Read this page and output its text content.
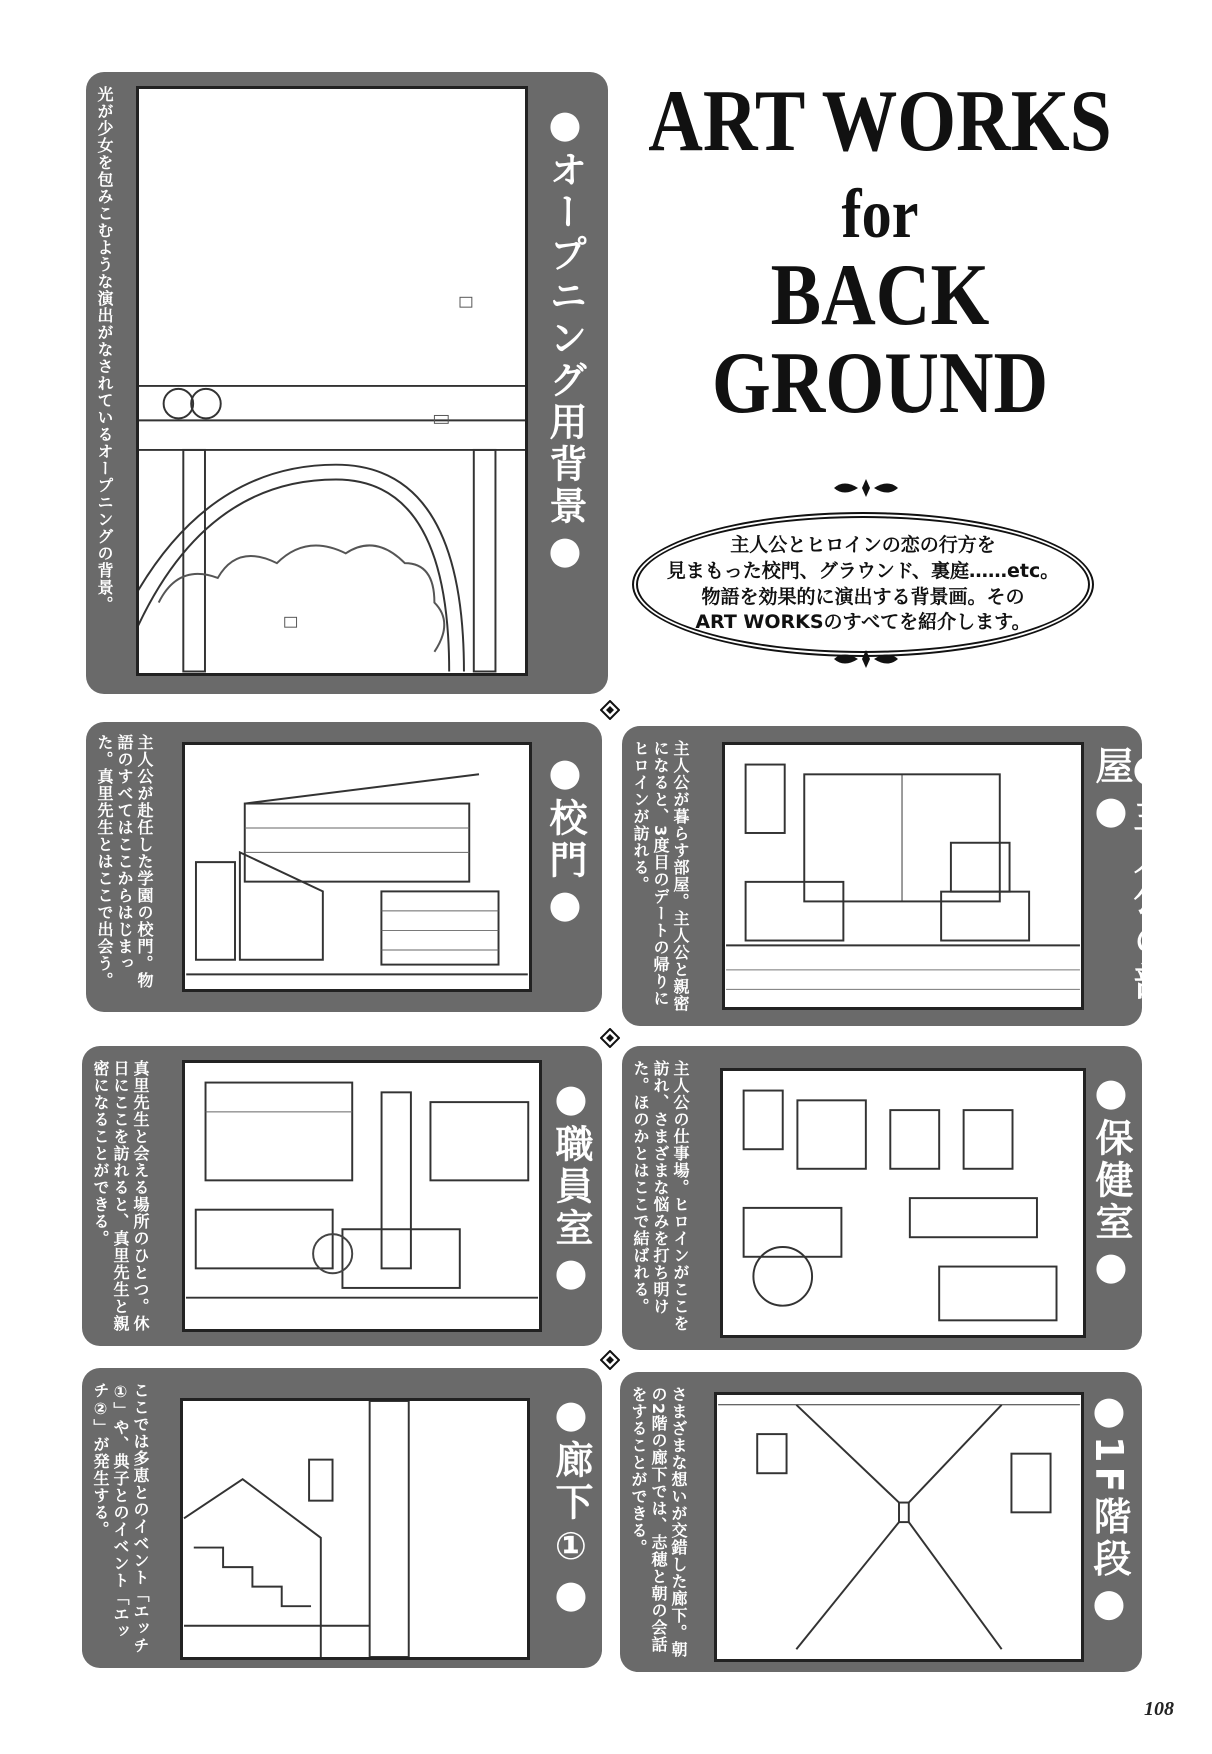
ART WORKS
for
BACK GROUND
主人公とヒロインの恋の行方を
見まもった校門、グラウンド、裏庭……etc。
物語を効果的に演出する背景画。その
ART WORKSのすべてを紹介します。
光が少女を包みこむような演出がなされているオープニングの背景。	●オープニング用背景●
主人公が赴任した学園の校門。物語のすべてはここからはじまった。真里先生とはここで出会う。	●校門●	●主人公の部屋●
主人公が暮らす部屋。主人公と親密になると、3度目のデートの帰りにヒロインが訪れる。
真里先生と会える場所のひとつ。休日にここを訪れると、真里先生と親密になることができる。	●職員室●	●保健室●
主人公の仕事場。ヒロインがここを訪れ、さまざまな悩みを打ち明けた。ほのかとはここで結ばれる。
ここでは多恵とのイベント「エッチ①」や、典子とのイベント「エッチ②」が発生する。	●廊下①●	●1F階段●
さまざまな想いが交錯した廊下。朝の2階の廊下では、志穂と朝の会話をすることができる。
108
